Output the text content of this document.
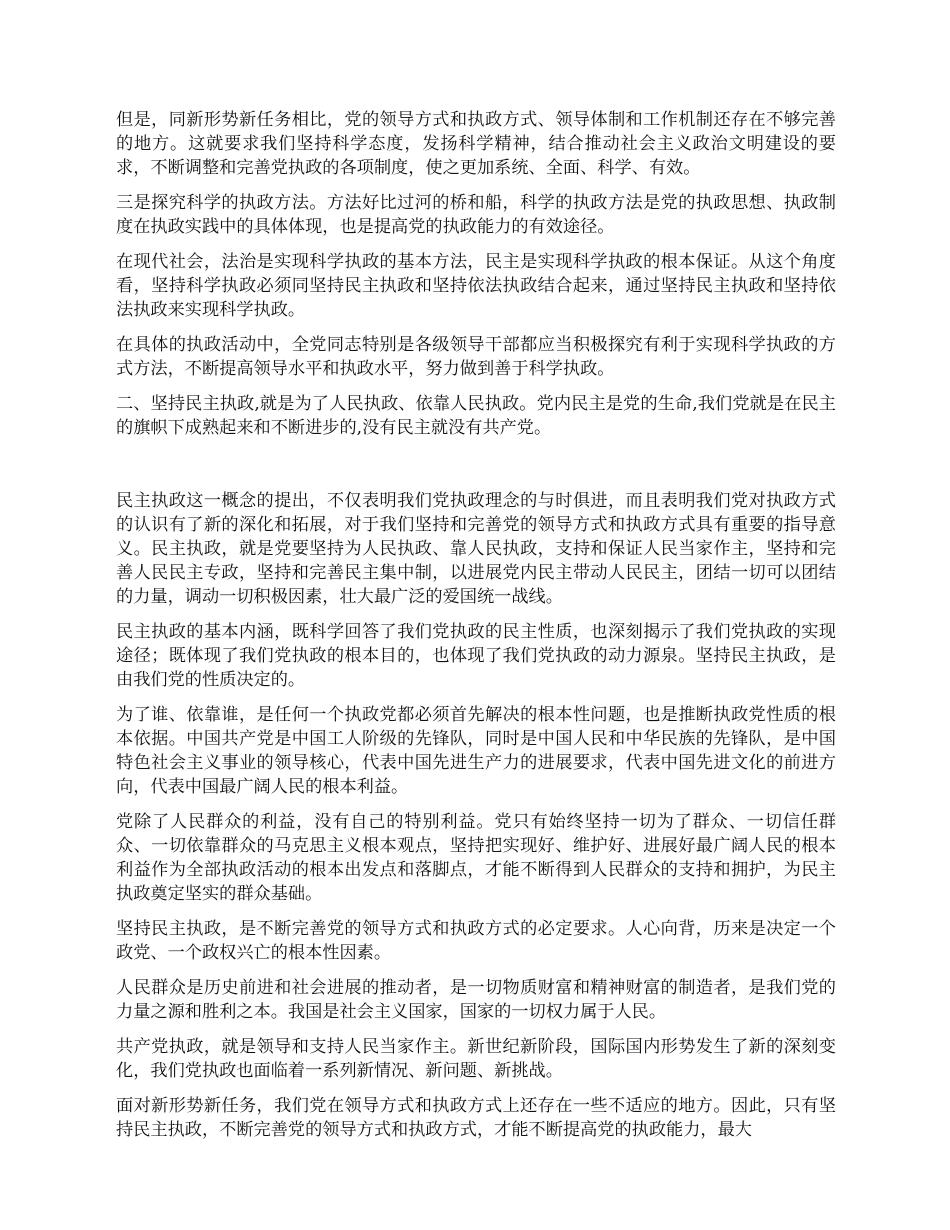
但是，同新形势新任务相比，党的领导方式和执政方式、领导体制和工作机制还存在不够完善的地方。这就要求我们坚持科学态度，发扬科学精神，结合推动社会主义政治文明建设的要求，不断调整和完善党执政的各项制度，使之更加系统、全面、科学、有效。

三是探究科学的执政方法。方法好比过河的桥和船，科学的执政方法是党的执政思想、执政制度在执政实践中的具体体现，也是提高党的执政能力的有效途径。

在现代社会，法治是实现科学执政的基本方法，民主是实现科学执政的根本保证。从这个角度看，坚持科学执政必须同坚持民主执政和坚持依法执政结合起来，通过坚持民主执政和坚持依法执政来实现科学执政。

在具体的执政活动中，全党同志特别是各级领导干部都应当积极探究有利于实现科学执政的方式方法，不断提高领导水平和执政水平，努力做到善于科学执政。

二、坚持民主执政,就是为了人民执政、依靠人民执政。党内民主是党的生命,我们党就是在民主的旗帜下成熟起来和不断进步的,没有民主就没有共产党。

民主执政这一概念的提出，不仅表明我们党执政理念的与时俱进，而且表明我们党对执政方式的认识有了新的深化和拓展，对于我们坚持和完善党的领导方式和执政方式具有重要的指导意义。民主执政，就是党要坚持为人民执政、靠人民执政，支持和保证人民当家作主，坚持和完善人民民主专政，坚持和完善民主集中制，以进展党内民主带动人民民主，团结一切可以团结的力量，调动一切积极因素，壮大最广泛的爱国统一战线。

民主执政的基本内涵，既科学回答了我们党执政的民主性质，也深刻揭示了我们党执政的实现途径；既体现了我们党执政的根本目的，也体现了我们党执政的动力源泉。坚持民主执政，是由我们党的性质决定的。

为了谁、依靠谁，是任何一个执政党都必须首先解决的根本性问题，也是推断执政党性质的根本依据。中国共产党是中国工人阶级的先锋队，同时是中国人民和中华民族的先锋队，是中国特色社会主义事业的领导核心，代表中国先进生产力的进展要求，代表中国先进文化的前进方向，代表中国最广阔人民的根本利益。

党除了人民群众的利益，没有自己的特别利益。党只有始终坚持一切为了群众、一切信任群众、一切依靠群众的马克思主义根本观点，坚持把实现好、维护好、进展好最广阔人民的根本利益作为全部执政活动的根本出发点和落脚点，才能不断得到人民群众的支持和拥护，为民主执政奠定坚实的群众基础。

坚持民主执政，是不断完善党的领导方式和执政方式的必定要求。人心向背，历来是决定一个政党、一个政权兴亡的根本性因素。

人民群众是历史前进和社会进展的推动者，是一切物质财富和精神财富的制造者，是我们党的力量之源和胜利之本。我国是社会主义国家，国家的一切权力属于人民。

共产党执政，就是领导和支持人民当家作主。新世纪新阶段，国际国内形势发生了新的深刻变化，我们党执政也面临着一系列新情况、新问题、新挑战。

面对新形势新任务，我们党在领导方式和执政方式上还存在一些不适应的地方。因此，只有坚持民主执政，不断完善党的领导方式和执政方式，才能不断提高党的执政能力，最大
